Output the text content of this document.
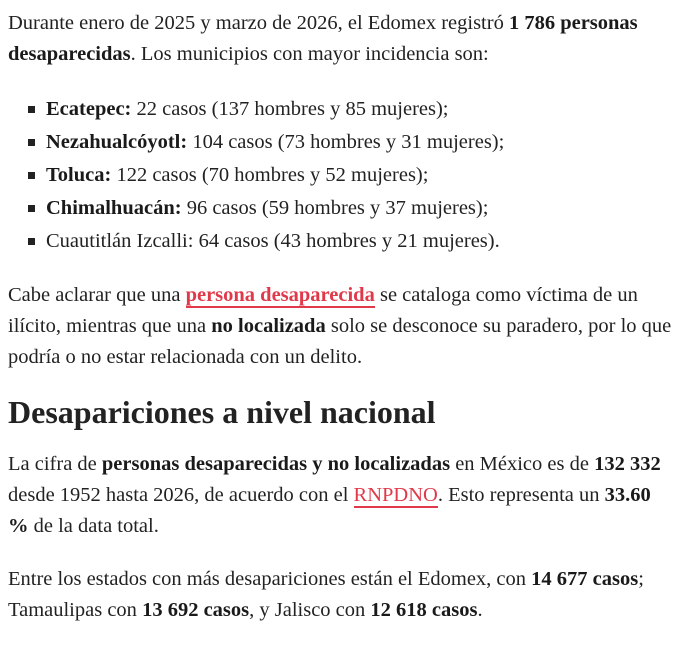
Durante enero de 2025 y marzo de 2026, el Edomex registró 1 786 personas desaparecidas. Los municipios con mayor incidencia son:

Ecatepec: 22 casos (137 hombres y 85 mujeres);
Nezahualcóyotl: 104 casos (73 hombres y 31 mujeres);
Toluca: 122 casos (70 hombres y 52 mujeres);
Chimalhuacán: 96 casos (59 hombres y 37 mujeres);
Cuautitlán Izcalli: 64 casos (43 hombres y 21 mujeres).

Cabe aclarar que una persona desaparecida se cataloga como víctima de un ilícito, mientras que una no localizada solo se desconoce su paradero, por lo que podría o no estar relacionada con un delito.

Desapariciones a nivel nacional

La cifra de personas desaparecidas y no localizadas en México es de 132 332 desde 1952 hasta 2026, de acuerdo con el RNPDNO. Esto representa un 33.60 % de la data total.

Entre los estados con más desapariciones están el Edomex, con 14 677 casos; Tamaulipas con 13 692 casos, y Jalisco con 12 618 casos.
